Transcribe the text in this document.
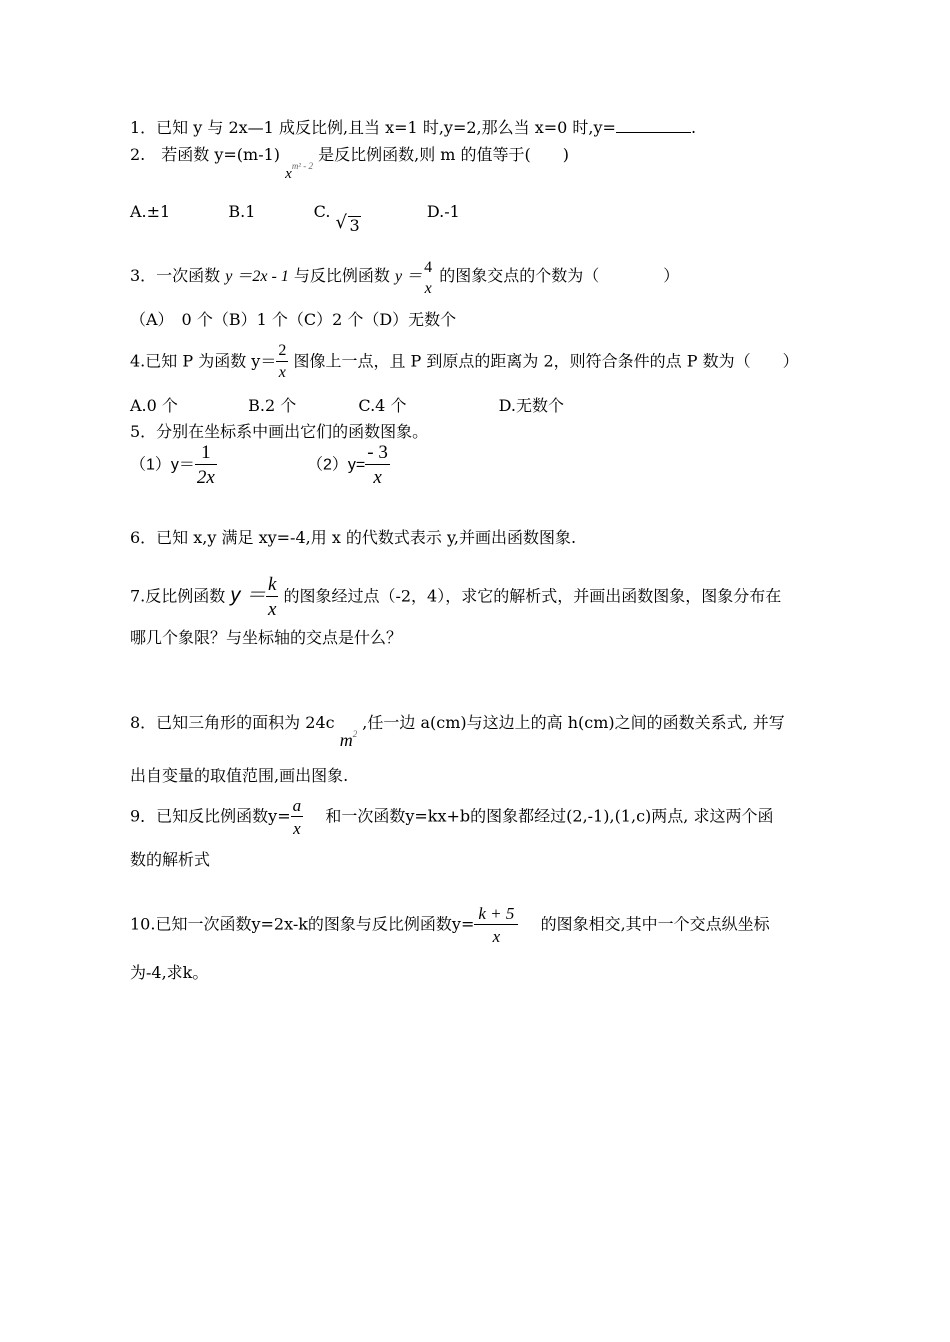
1．已知 y 与 2x—1 成反比例,且当 x=1 时,y=2,那么当 x=0 时,y=	.
2.　若函数 y=(m-1) $x^{m^2 - 2}$ 是反比例函数,则 m 的值等于(　　)
A.±1	B.1	C.
√ 3  D.-1
3．一次函数 y ＝2x - 1 与反比例函数 y ＝
4
x
的图象交点的个数为（　　　　）
（A）　0 个（B）1 个（C）2 个（D）无数个
4.已知 P 为函数 $y= \frac{2}{x}$ 图像上一点，且 P 到原点的距离为 2，则符合条件的点 P 数为（　　）
A.0 个	B.2 个	C.4 个	D.无数个
5．分别在坐标系中画出它们的函数图象。
$(1)y= \frac{1}{2x}$	$(2)y= \frac{- 3}{x}$
6．已知 x,y 满足 xy=-4,用 x 的代数式表示 y,并画出函数图象.
7.反比例函数 $y = \frac{k}{x}$ 的图象经过点（-2，4），求它的解析式，并画出函数图象，图象分布在
哪几个象限？与坐标轴的交点是什么？
8．已知三角形的面积为 24c $m^2$ ,任一边 a(cm)与这边上的高 h(cm)之间的函数关系式, 并写
出自变量的取值范围,画出图象.
9．已知反比例函数$y= \frac{a}{x}$ 和一次函数y=kx+b的图象都经过(2,-1),(1,c)两点, 求这两个函
数的解析式
10.已知一次函数y=2x-k的图象与反比例函数$y= \frac{k + 5}{x}$ 的图象相交,其中一个交点纵坐标
为-4,求k。
